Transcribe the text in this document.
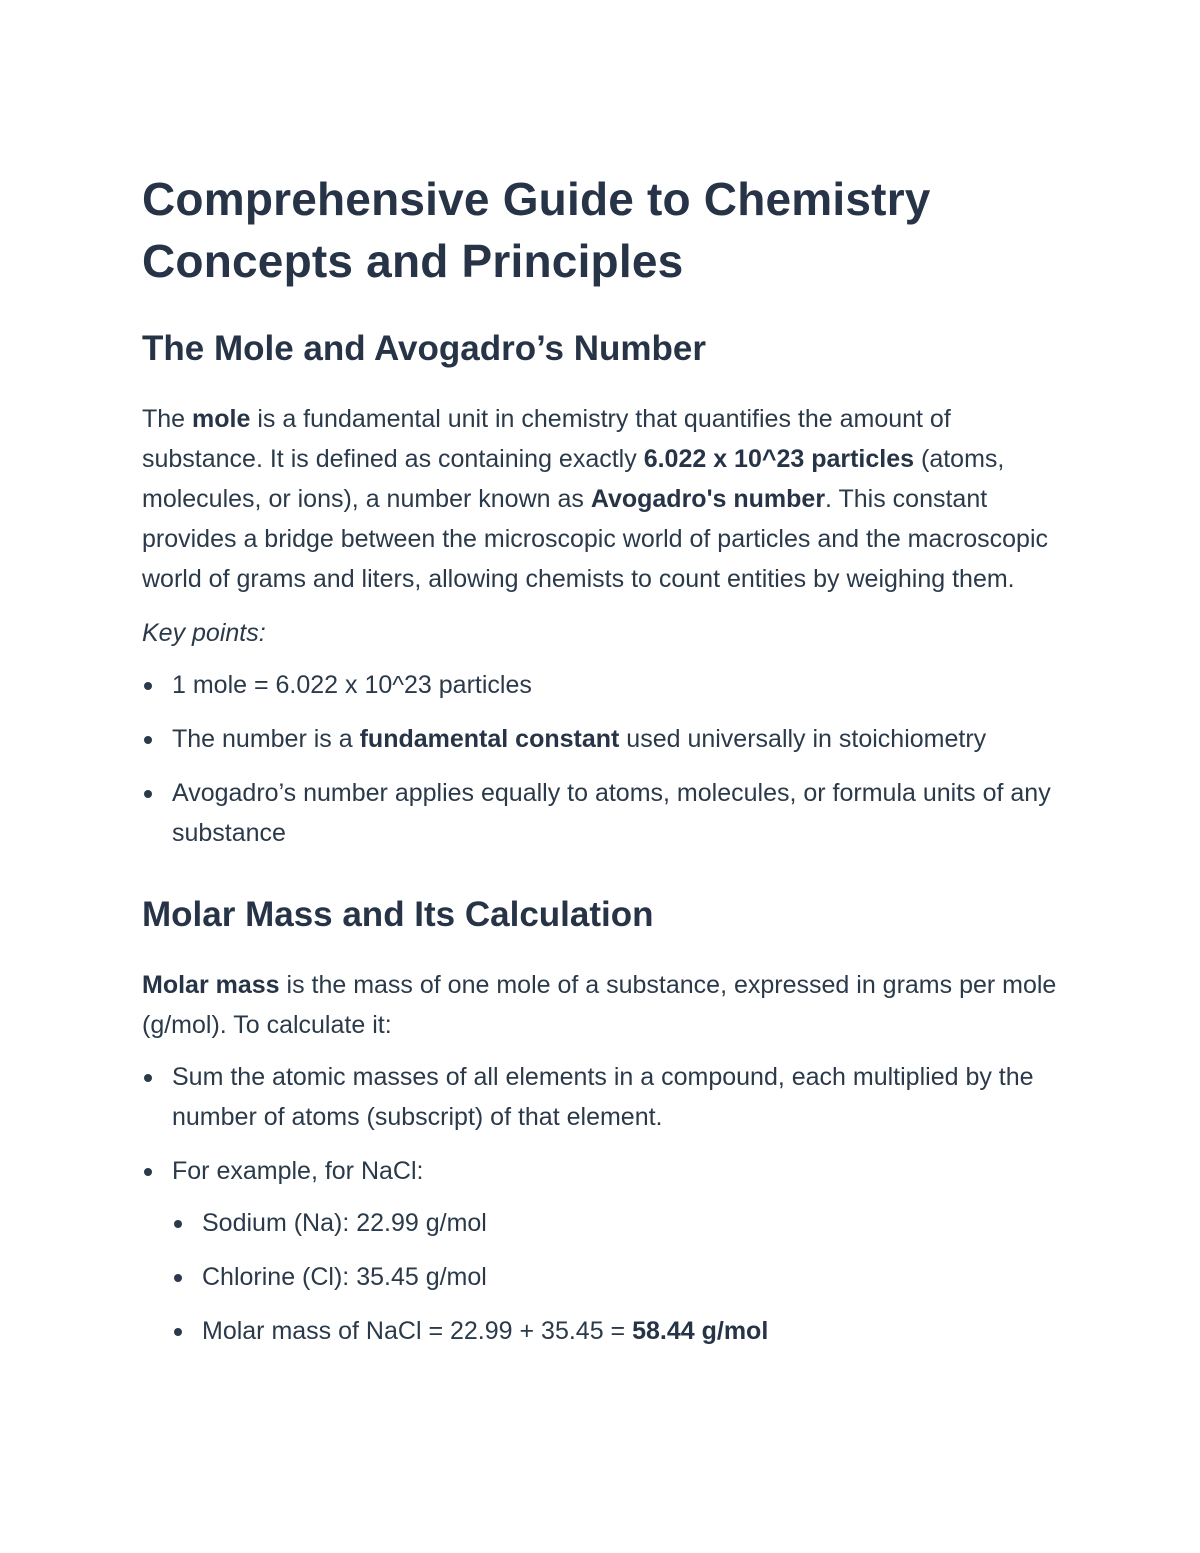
Comprehensive Guide to Chemistry Concepts and Principles
The Mole and Avogadro’s Number

The mole is a fundamental unit in chemistry that quantifies the amount of substance. It is defined as containing exactly 6.022 x 10^23 particles (atoms, molecules, or ions), a number known as Avogadro's number. This constant provides a bridge between the microscopic world of particles and the macroscopic world of grams and liters, allowing chemists to count entities by weighing them.

Key points:

1 mole = 6.022 x 10^23 particles
The number is a fundamental constant used universally in stoichiometry
Avogadro’s number applies equally to atoms, molecules, or formula units of any substance
Molar Mass and Its Calculation

Molar mass is the mass of one mole of a substance, expressed in grams per mole (g/mol). To calculate it:

Sum the atomic masses of all elements in a compound, each multiplied by the number of atoms (subscript) of that element.
For example, for NaCl:
Sodium (Na): 22.99 g/mol
Chlorine (Cl): 35.45 g/mol
Molar mass of NaCl = 22.99 + 35.45 = 58.44 g/mol
